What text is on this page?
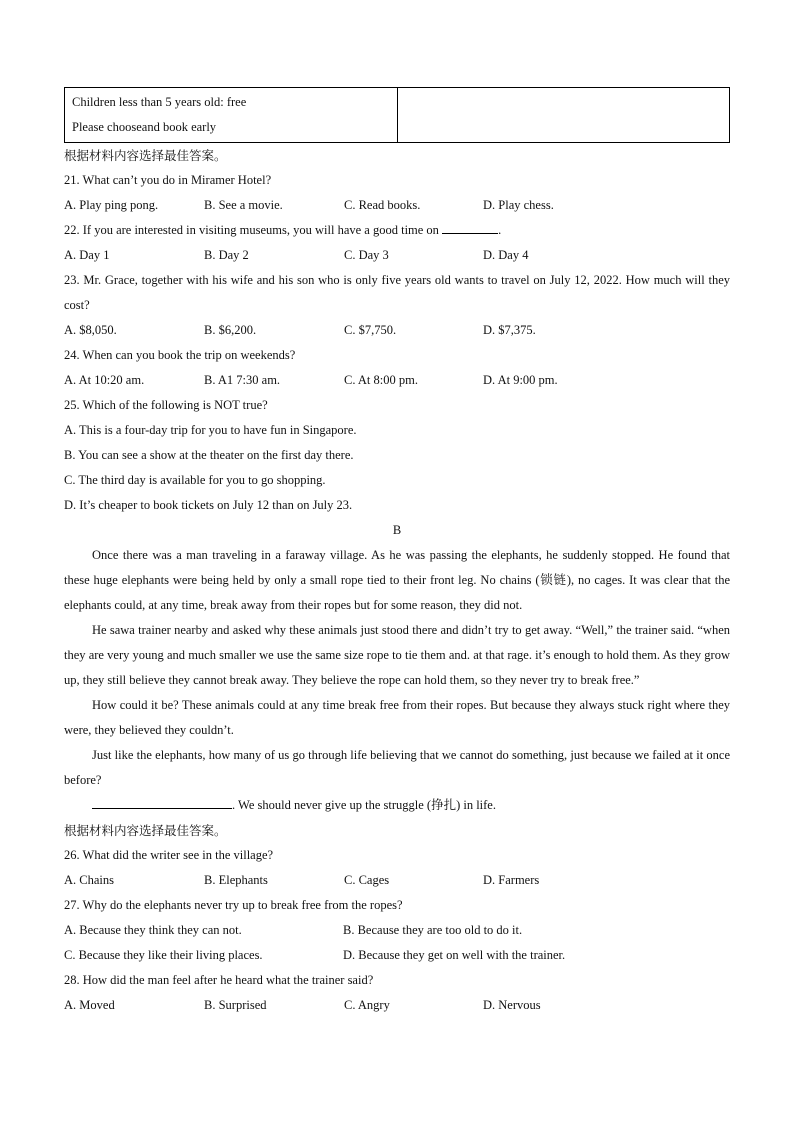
Children less than 5 years old: free
Please chooseand book early

根据材料内容选择最佳答案。
21. What can’t you do in Miramer Hotel?
A. Play ping pong.	B. See a movie.	C. Read books.	D. Play chess.
22. If you are interested in visiting museums, you will have a good time on	.
A. Day 1	B. Day 2	C. Day 3	D. Day 4
23. Mr. Grace, together with his wife and his son who is only five years old wants to travel on July 12, 2022. How much will they cost?
A. $8,050.	B. $6,200.	C. $7,750.	D. $7,375.
24. When can you book the trip on weekends?
A. At 10:20 am.	B. A1 7:30 am.	C. At 8:00 pm.	D. At 9:00 pm.
25. Which of the following is NOT true?
A. This is a four-day trip for you to have fun in Singapore.
B. You can see a show at the theater on the first day there.
C. The third day is available for you to go shopping.
D. It’s cheaper to book tickets on July 12 than on July 23.
B

Once there was a man traveling in a faraway village. As he was passing the elephants, he suddenly stopped. He found that these huge elephants were being held by only a small rope tied to their front leg. No chains (锁链), no cages. It was clear that the elephants could, at any time, break away from their ropes but for some reason, they did not.

He sawa trainer nearby and asked why these animals just stood there and didn’t try to get away. “Well,” the trainer said. “when they are very young and much smaller we use the same size rope to tie them and. at that rage. it’s enough to hold them. As they grow up, they still believe they cannot break away. They believe the rope can hold them, so they never try to break free.”

How could it be? These animals could at any time break free from their ropes. But because they always stuck right where they were, they believed they couldn’t.

Just like the elephants, how many of us go through life believing that we cannot do something, just because we failed at it once before?

. We should never give up the struggle (挣扎) in life.

根据材料内容选择最佳答案。
26. What did the writer see in the village?
A. Chains	B. Elephants	C. Cages	D. Farmers
27. Why do the elephants never try up to break free from the ropes?
A. Because they think they can not.	B. Because they are too old to do it.
C. Because they like their living places.	D. Because they get on well with the trainer.
28. How did the man feel after he heard what the trainer said?
A. Moved	B. Surprised	C. Angry	D. Nervous
